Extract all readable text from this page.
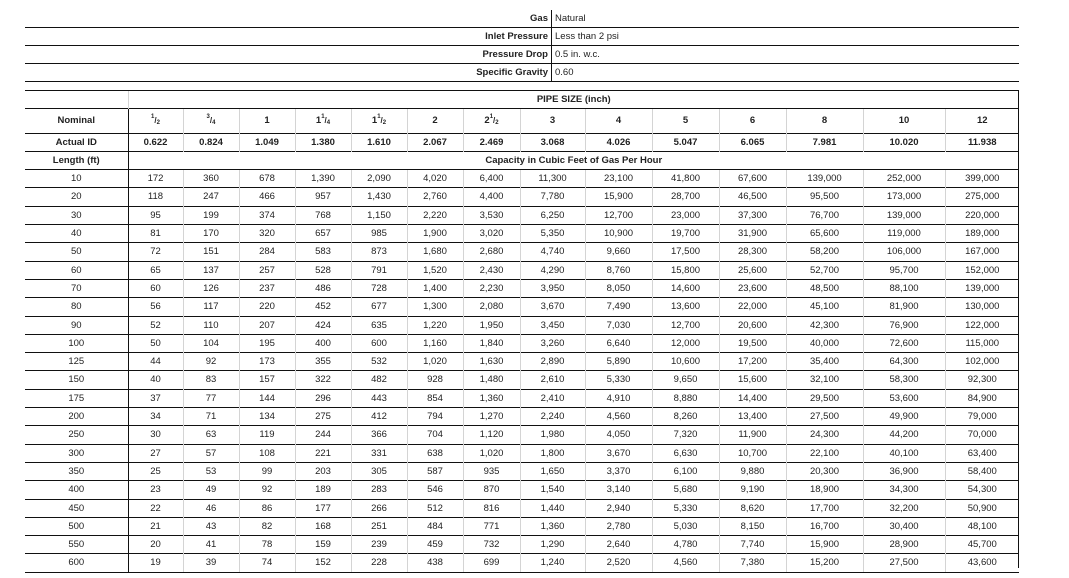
Gas	Natural
Inlet Pressure	Less than 2 psi
Pressure Drop	0.5 in. w.c.
Specific Gravity	0.60
	PIPE SIZE (inch)													
Nominal	$^1/_2$	$^3/_4$	1	$1^1/_4$	$1^1/_2$	2	$2^1/_2$	3	4	5	6	8	10	12
Actual ID	0.622	0.824	1.049	1.380	1.610	2.067	2.469	3.068	4.026	5.047	6.065	7.981	10.020	11.938
Length (ft)	Capacity in Cubic Feet of Gas Per Hour													
10	172	360	678	1,390	2,090	4,020	6,400	11,300	23,100	41,800	67,600	139,000	252,000	399,000
20	118	247	466	957	1,430	2,760	4,400	7,780	15,900	28,700	46,500	95,500	173,000	275,000
30	95	199	374	768	1,150	2,220	3,530	6,250	12,700	23,000	37,300	76,700	139,000	220,000
40	81	170	320	657	985	1,900	3,020	5,350	10,900	19,700	31,900	65,600	119,000	189,000
50	72	151	284	583	873	1,680	2,680	4,740	9,660	17,500	28,300	58,200	106,000	167,000
60	65	137	257	528	791	1,520	2,430	4,290	8,760	15,800	25,600	52,700	95,700	152,000
70	60	126	237	486	728	1,400	2,230	3,950	8,050	14,600	23,600	48,500	88,100	139,000
80	56	117	220	452	677	1,300	2,080	3,670	7,490	13,600	22,000	45,100	81,900	130,000
90	52	110	207	424	635	1,220	1,950	3,450	7,030	12,700	20,600	42,300	76,900	122,000
100	50	104	195	400	600	1,160	1,840	3,260	6,640	12,000	19,500	40,000	72,600	115,000
125	44	92	173	355	532	1,020	1,630	2,890	5,890	10,600	17,200	35,400	64,300	102,000
150	40	83	157	322	482	928	1,480	2,610	5,330	9,650	15,600	32,100	58,300	92,300
175	37	77	144	296	443	854	1,360	2,410	4,910	8,880	14,400	29,500	53,600	84,900
200	34	71	134	275	412	794	1,270	2,240	4,560	8,260	13,400	27,500	49,900	79,000
250	30	63	119	244	366	704	1,120	1,980	4,050	7,320	11,900	24,300	44,200	70,000
300	27	57	108	221	331	638	1,020	1,800	3,670	6,630	10,700	22,100	40,100	63,400
350	25	53	99	203	305	587	935	1,650	3,370	6,100	9,880	20,300	36,900	58,400
400	23	49	92	189	283	546	870	1,540	3,140	5,680	9,190	18,900	34,300	54,300
450	22	46	86	177	266	512	816	1,440	2,940	5,330	8,620	17,700	32,200	50,900
500	21	43	82	168	251	484	771	1,360	2,780	5,030	8,150	16,700	30,400	48,100
550	20	41	78	159	239	459	732	1,290	2,640	4,780	7,740	15,900	28,900	45,700
600	19	39	74	152	228	438	699	1,240	2,520	4,560	7,380	15,200	27,500	43,600
